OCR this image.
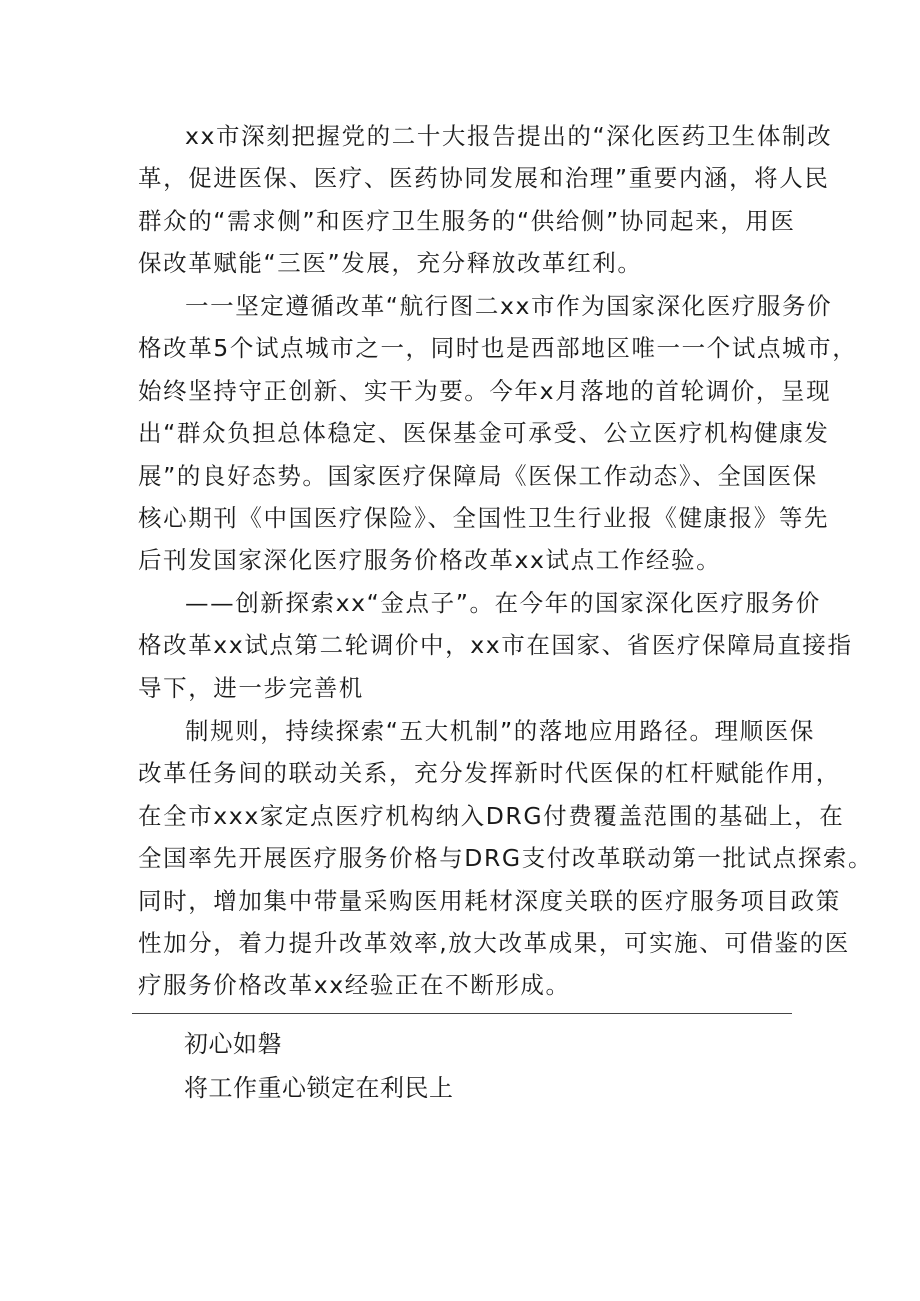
xx市深刻把握党的二十大报告提出的“深化医药卫生体制改
革，促进医保、医疗、医药协同发展和治理”重要内涵，将人民
群众的“需求侧”和医疗卫生服务的“供给侧”协同起来，用医
保改革赋能“三医”发展，充分释放改革红利。
一一坚定遵循改革“航行图二xx市作为国家深化医疗服务价
格改革5个试点城市之一，同时也是西部地区唯一一个试点城市，
始终坚持守正创新、实干为要。今年x月落地的首轮调价，呈现
出“群众负担总体稳定、医保基金可承受、公立医疗机构健康发
展”的良好态势。国家医疗保障局《医保工作动态》、全国医保
核心期刊《中国医疗保险》、全国性卫生行业报《健康报》等先
后刊发国家深化医疗服务价格改革xx试点工作经验。
——创新探索xx“金点子”。在今年的国家深化医疗服务价
格改革xx试点第二轮调价中，xx市在国家、省医疗保障局直接指
导下，进一步完善机
制规则，持续探索“五大机制”的落地应用路径。理顺医保
改革任务间的联动关系，充分发挥新时代医保的杠杆赋能作用，
在全市xxx家定点医疗机构纳入DRG付费覆盖范围的基础上，在
全国率先开展医疗服务价格与DRG支付改革联动第一批试点探索。
同时，增加集中带量采购医用耗材深度关联的医疗服务项目政策
性加分，着力提升改革效率,放大改革成果，可实施、可借鉴的医
疗服务价格改革xx经验正在不断形成。
初心如磐
将工作重心锁定在利民上
